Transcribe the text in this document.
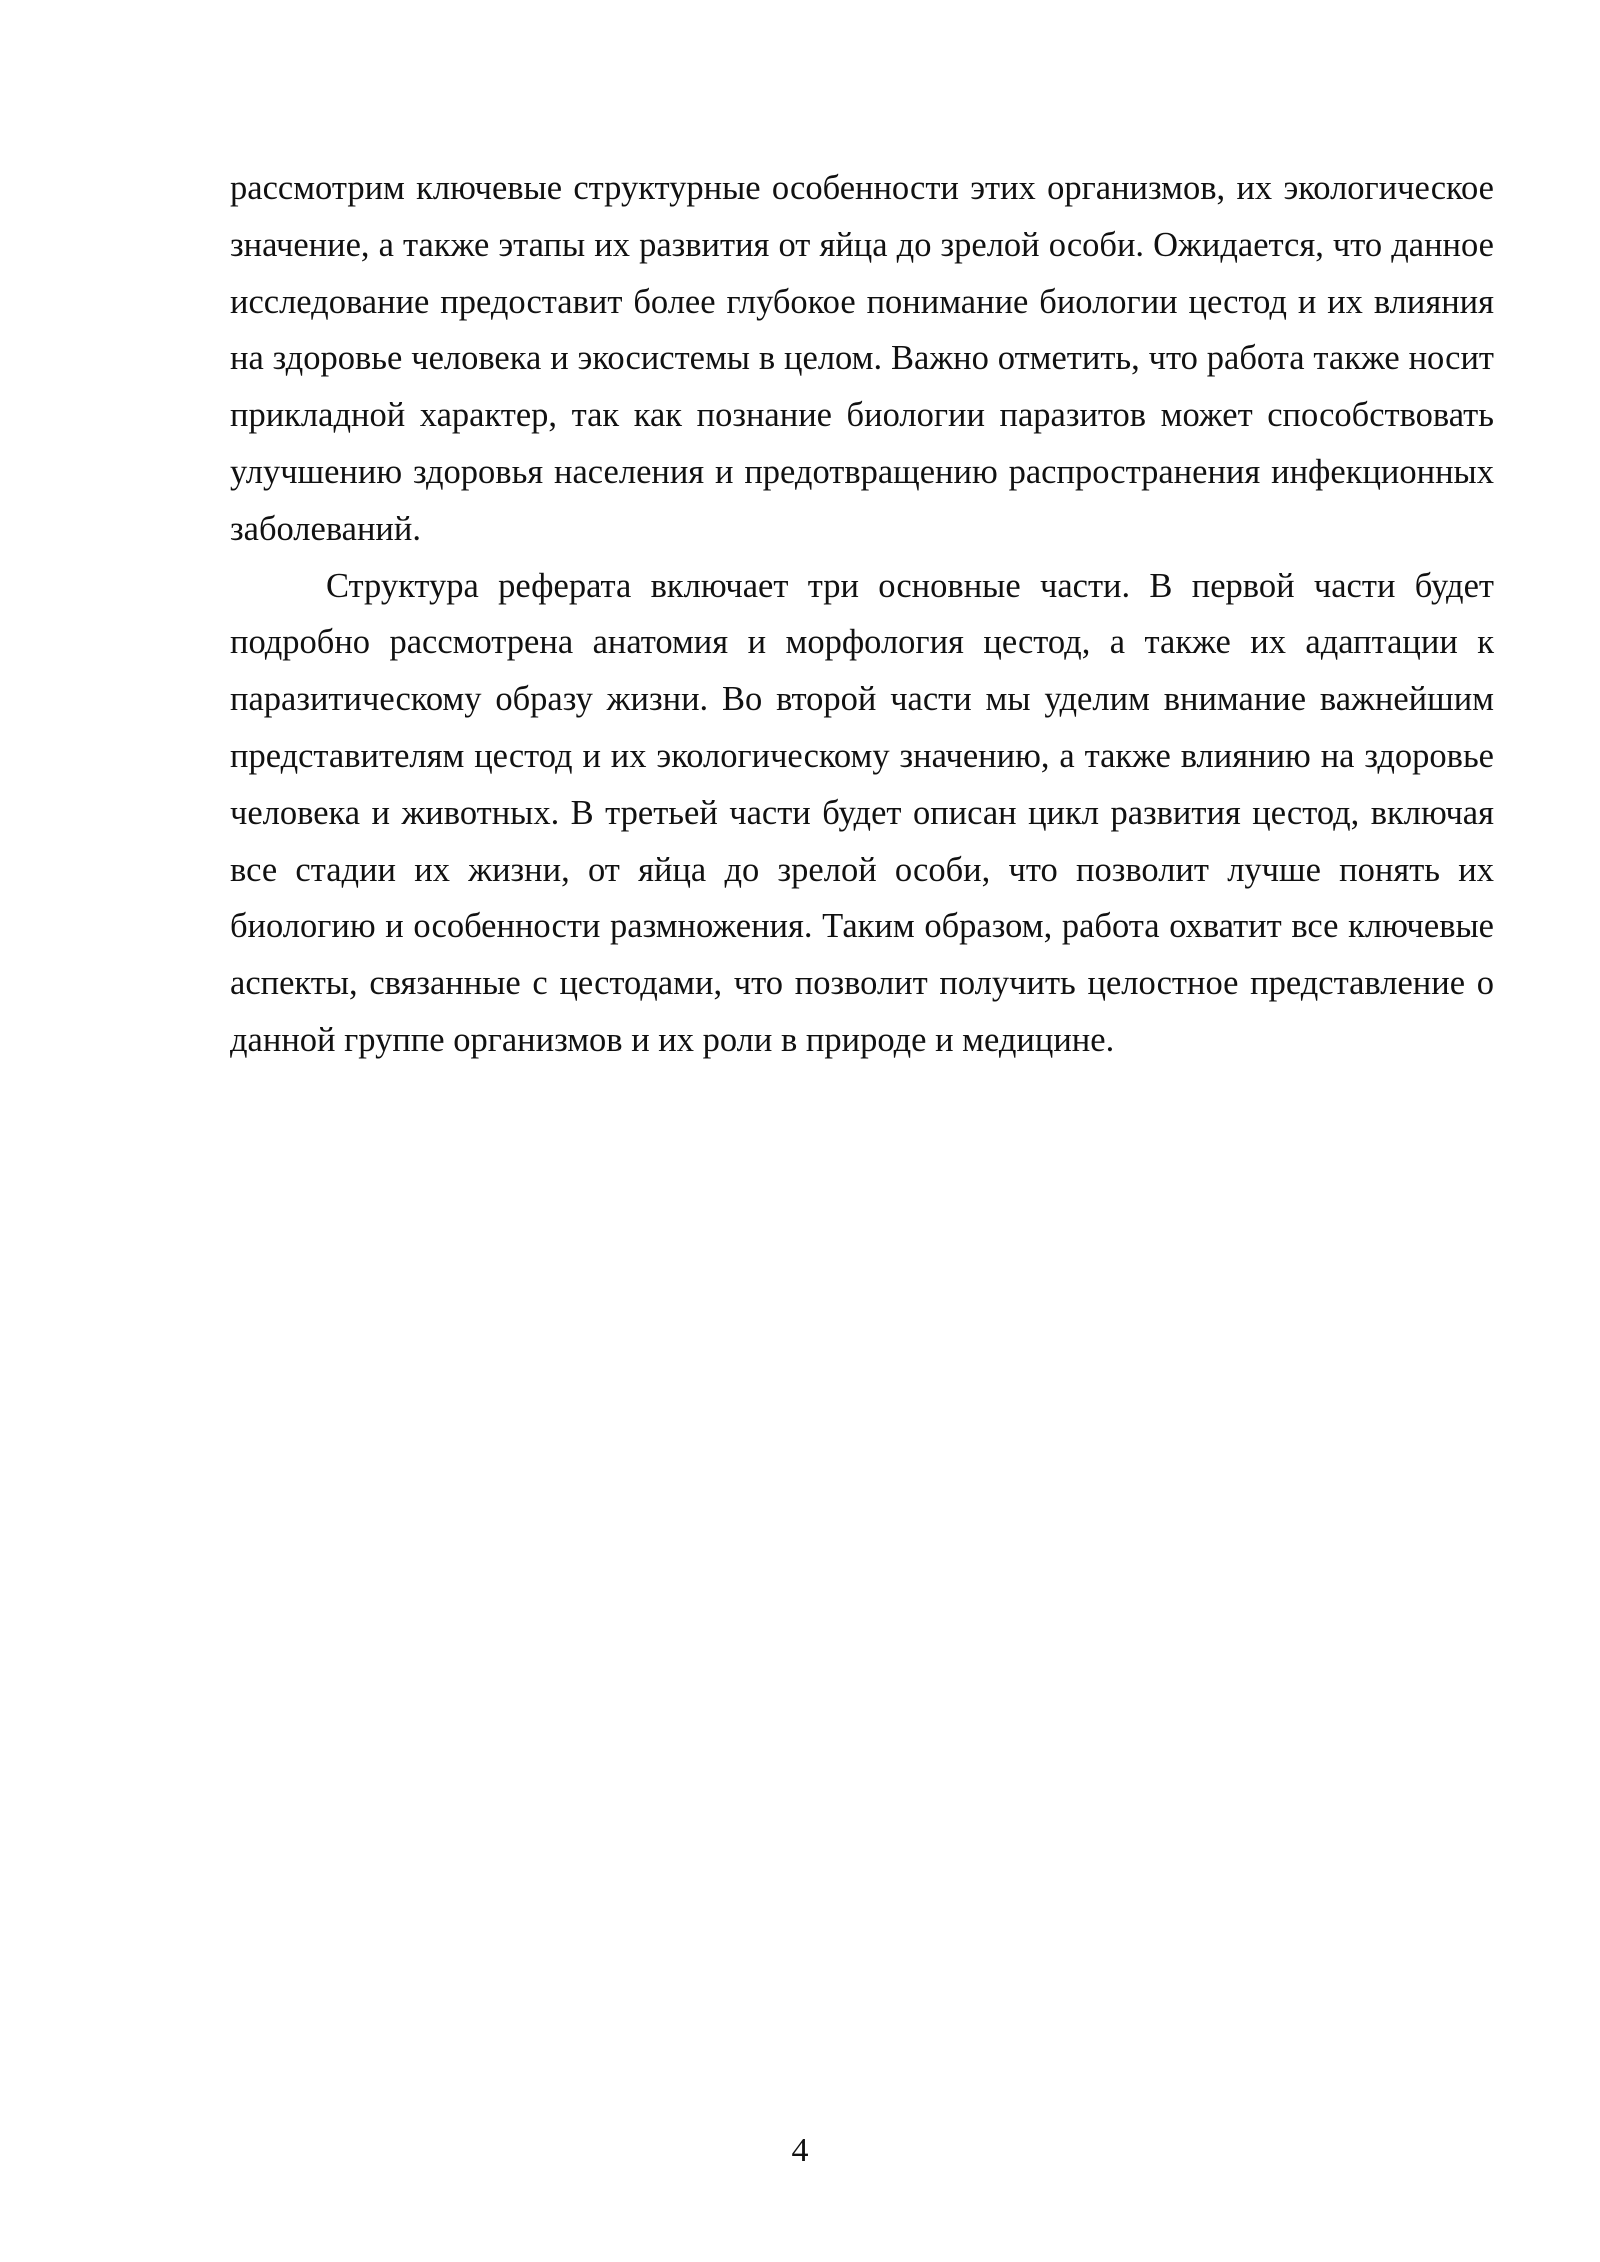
рассмотрим ключевые структурные особенности этих организмов, их экологическое значение, а также этапы их развития от яйца до зрелой особи. Ожидается, что данное исследование предоставит более глубокое понимание биологии цестод и их влияния на здоровье человека и экосистемы в целом. Важно отметить, что работа также носит прикладной характер, так как познание биологии паразитов может способствовать улучшению здоровья населения и предотвращению распространения инфекционных заболеваний.

Структура реферата включает три основные части. В первой части будет подробно рассмотрена анатомия и морфология цестод, а также их адаптации к паразитическому образу жизни. Во второй части мы уделим внимание важнейшим представителям цестод и их экологическому значению, а также влиянию на здоровье человека и животных. В третьей части будет описан цикл развития цестод, включая все стадии их жизни, от яйца до зрелой особи, что позволит лучше понять их биологию и особенности размножения. Таким образом, работа охватит все ключевые аспекты, связанные с цестодами, что позволит получить целостное представление о данной группе организмов и их роли в природе и медицине.

4
